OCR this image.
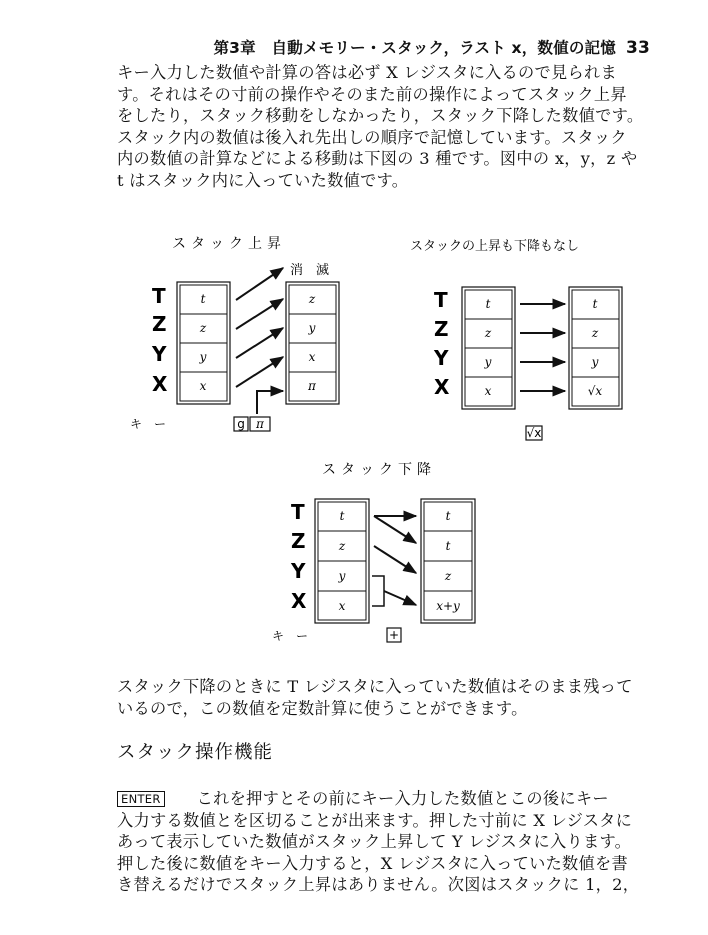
第3章　自動メモリー・スタック，ラスト x，数値の記憶 33
キー入力した数値や計算の答は必ず X レジスタに入るので見られま
す。それはその寸前の操作やそのまた前の操作によってスタック上昇
をしたり，スタック移動をしなかったり，スタック下降した数値です。
スタック内の数値は後入れ先出しの順序で記憶しています。スタック
内の数値の計算などによる移動は下図の 3 種です。図中の x，y，z や
t はスタック内に入っていた数値です。
スタック上昇
消　滅
T
Z
Y
X
t
z
y
x
z
y
x
π
キ　ー	g π
スタックの上昇も下降もなし
T
Z
Y
X
t
z
y
x
t
z
y
√x
√x
スタック下降
T
Z
Y
X
t
z
y
x
t
t
z
x+y
キ　ー	+
スタック下降のときに T レジスタに入っていた数値はそのまま残って
いるので，この数値を定数計算に使うことができます。
スタック操作機能
ENTER これを押すとその前にキー入力した数値とこの後にキー
入力する数値とを区切ることが出来ます。押した寸前に X レジスタに
あって表示していた数値がスタック上昇して Y レジスタに入ります。
押した後に数値をキー入力すると，X レジスタに入っていた数値を書
き替えるだけでスタック上昇はありません。次図はスタックに 1，2，
